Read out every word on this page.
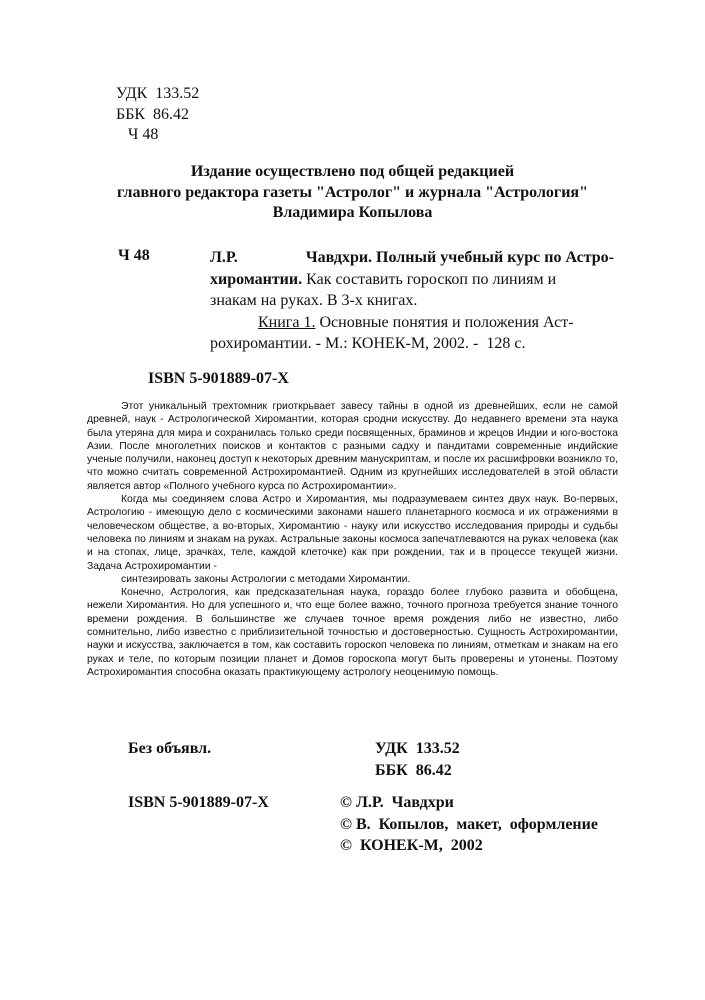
УДК  133.52
ББК  86.42
Ч 48
Издание осуществлено под общей редакцией
главного редактора газеты "Астролог" и журнала "Астрология"
Владимира Копылова
Ч 48	Л.Р.	Чавдхри. Полный учебный курс по Астро-
хиромантии. Как составить гороскоп по линиям и
знакам на руках. В 3-х книгах.
Книга 1. Основные понятия и положения Аст-
рохиромантии. - М.: КОНЕК-М, 2002. -  128 с.
ISBN 5-901889-07-X

Этот уникальный трехтомник гриоткрьвает завесу тайны в одной из древнейших, если не самой древней, наук - Астрологической Хиромантии, которая сродни искусству. До недавнего времени эта наука была утеряна для мира и сохранилась только среди посвященных, браминов и жрецов Индии и юго-востока Азии. После многолетних поисков и контактов с разными садху и пандитами современные индийские ученые получили, наконец доступ к некоторых древним манускриптам, и после их расшифровки возникло то, что можно считать современной Астрохиромантией. Одним из кругнейших исследователей в этой области является автор «Полного учебного курса по Астрохиромантии».

Когда мы соединяем слова Астро и Хиромантия, мы подразумеваем синтез двух наук. Во-первых, Астрологию - имеющую дело с космическими законами нашего планетарного космоса и их отражениями в человеческом обществе, а во-вторых, Хиромантию - науку или искусство исследования природы и судьбы человека по линиям и знакам на руках. Астральные законы космоса запечатлеваются на руках человека (как и на стопах, лице, зрачках, теле, каждой клеточке) как при рождении, так и в процессе текущей жизни. Задача Астрохиромантии -

синтезировать законы Астрологии с методами Хиромантии.

Конечно, Астрология, как предсказательная наука, гораздо более глубоко развита и обобщена, нежели Хиромантия. Но для успешного и, что еще более важно, точного прогноза требуется знание точного времени рождения. В большинстве же случаев точное время рождения либо не известно, либо сомнительно, либо известно с приблизительной точностью и достоверностью. Сущность Астрохиромантии, науки и искусства, заключается в том, как составить гороскоп человека по линиям, отметкам и знакам на его руках и теле, по которым позиции планет и Домов гороскопа могут быть проверены и утонены. Поэтому Астрохиромантия способна оказать практикующему астрологу неоценимую помощь.

Без объявл.	УДК  133.52
ББК  86.42
ISBN 5-901889-07-X	© Л.Р.  Чавдхри
© В.  Копылов,  макет,  оформление
©  КОНЕК-М,  2002
